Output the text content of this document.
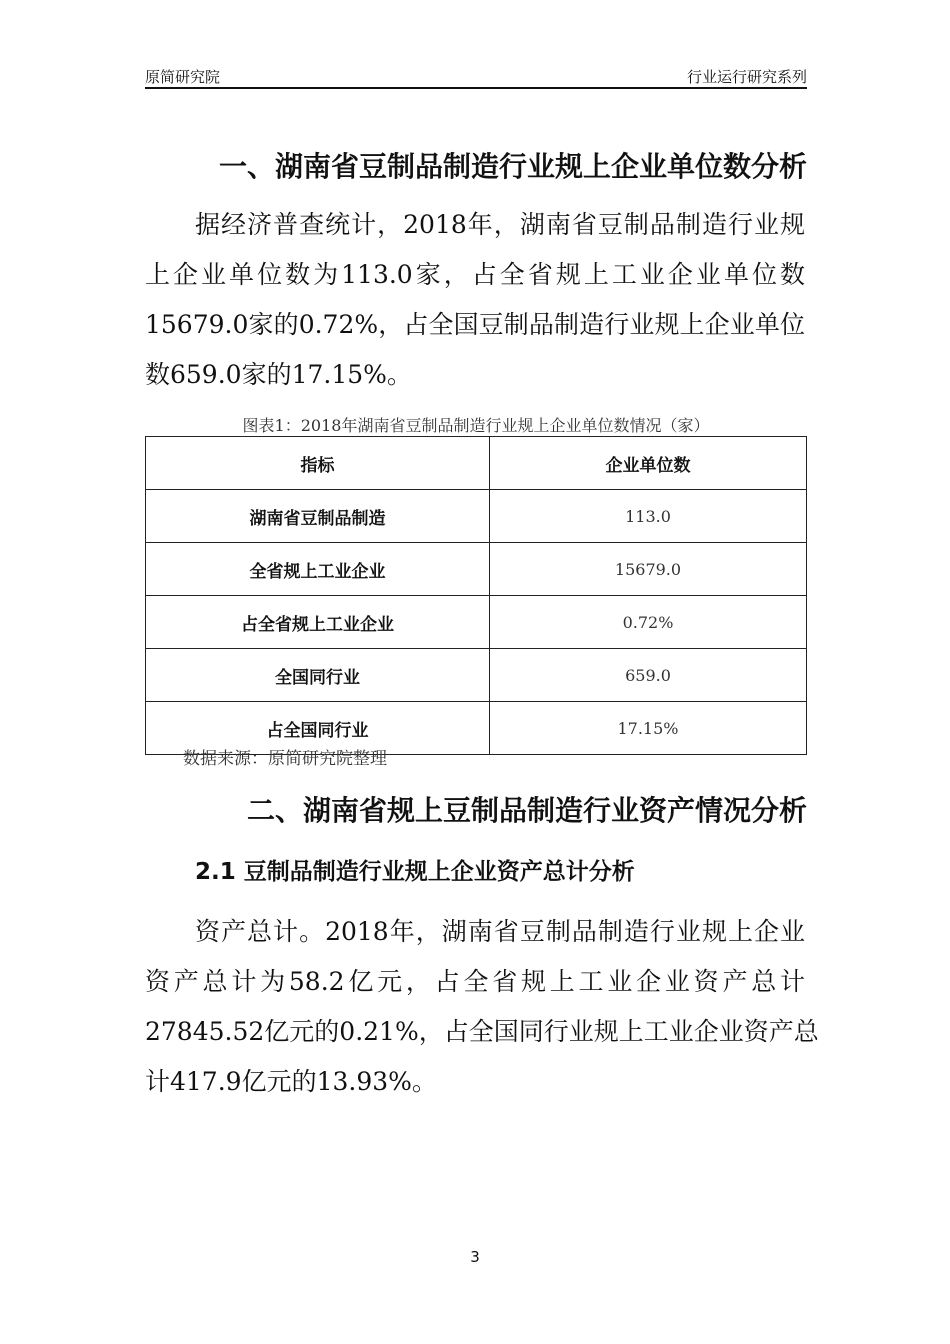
原简研究院	行业运行研究系列
一、湖南省豆制品制造行业规上企业单位数分析
据经济普查统计，2018年，湖南省豆制品制造行业规
上企业单位数为113.0家，占全省规上工业企业单位数
15679.0家的0.72%，占全国豆制品制造行业规上企业单位
数659.0家的17.15%。
图表1：2018年湖南省豆制品制造行业规上企业单位数情况（家）
指标	企业单位数
湖南省豆制品制造	113.0
全省规上工业企业	15679.0
占全省规上工业企业	0.72%
全国同行业	659.0
占全国同行业	17.15%
数据来源：原简研究院整理
二、湖南省规上豆制品制造行业资产情况分析
2.1 豆制品制造行业规上企业资产总计分析
资产总计。2018年，湖南省豆制品制造行业规上企业
资产总计为58.2亿元，占全省规上工业企业资产总计
27845.52亿元的0.21%，占全国同行业规上工业企业资产总
计417.9亿元的13.93%。
3
